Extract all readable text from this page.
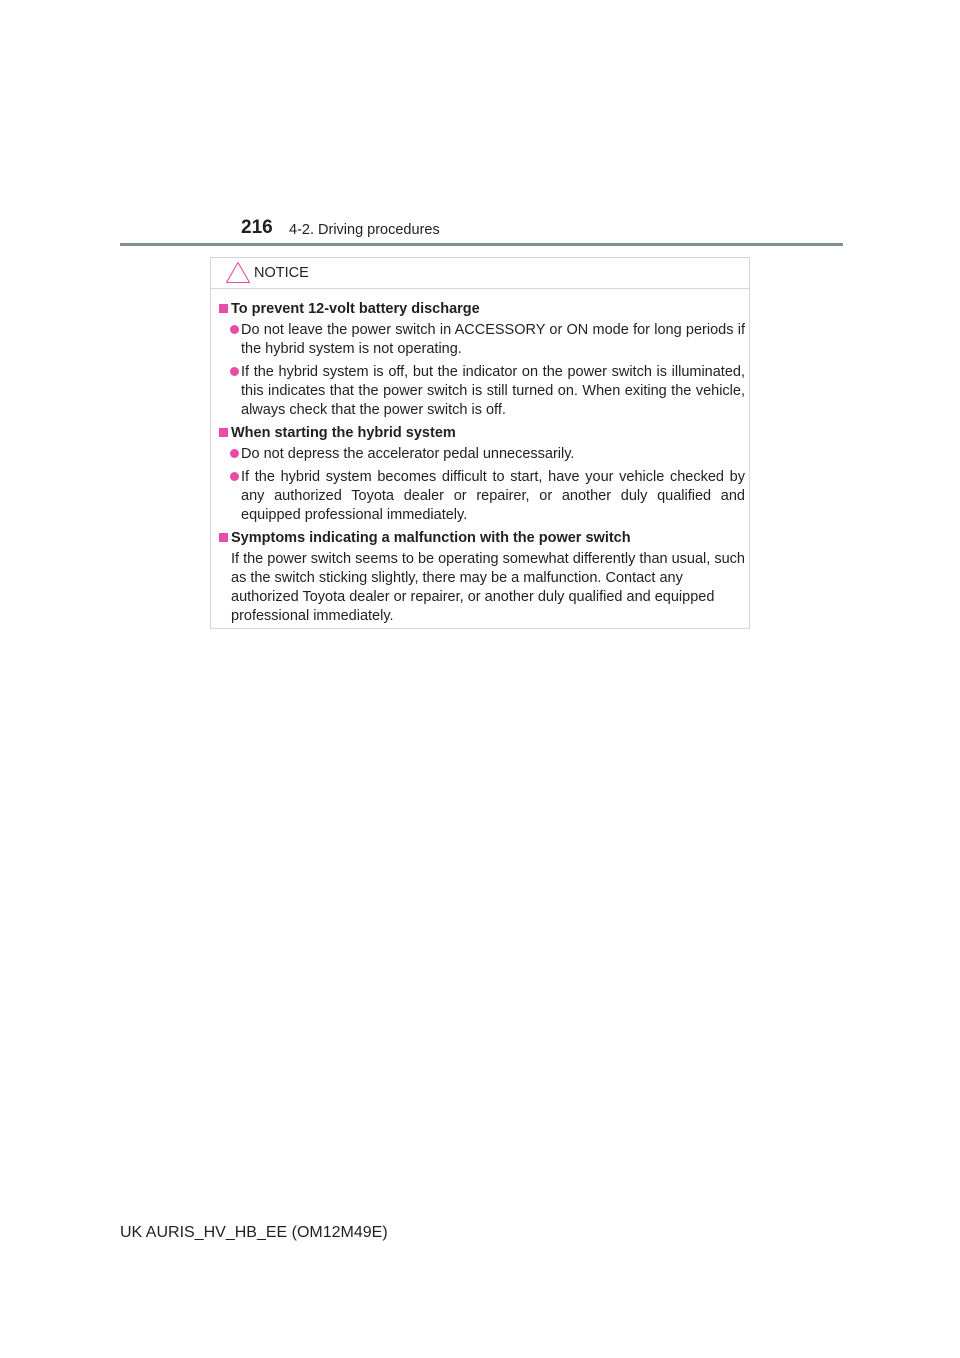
216 4-2. Driving procedures
NOTICE
To prevent 12-volt battery discharge
Do not leave the power switch in ACCESSORY or ON mode for long periods if the hybrid system is not operating.
If the hybrid system is off, but the indicator on the power switch is illuminated, this indicates that the power switch is still turned on. When exiting the vehicle, always check that the power switch is off.
When starting the hybrid system
Do not depress the accelerator pedal unnecessarily.
If the hybrid system becomes difficult to start, have your vehicle checked by any authorized Toyota dealer or repairer, or another duly qualified and equipped professional immediately.
Symptoms indicating a malfunction with the power switch
If the power switch seems to be operating somewhat differently than usual, such as the switch sticking slightly, there may be a malfunction. Contact any authorized Toyota dealer or repairer, or another duly qualified and equipped professional immediately.
UK AURIS_HV_HB_EE (OM12M49E)
